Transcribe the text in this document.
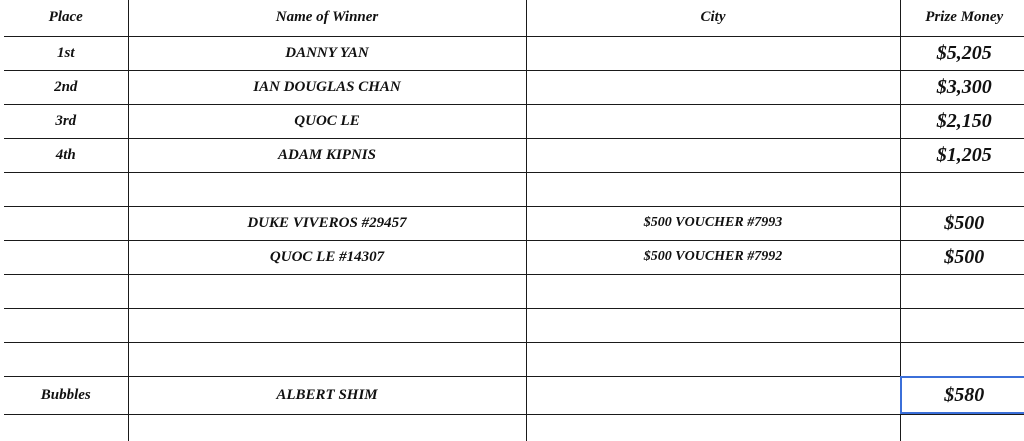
Place	Name of Winner	City	Prize Money
1st	DANNY YAN		$5,205
2nd	IAN DOUGLAS CHAN		$3,300
3rd	QUOC LE		$2,150
4th	ADAM KIPNIS		$1,205

	DUKE VIVEROS #29457	$500 VOUCHER #7993	$500
	QUOC LE #14307	$500 VOUCHER #7992	$500

Bubbles	ALBERT SHIM		$580
